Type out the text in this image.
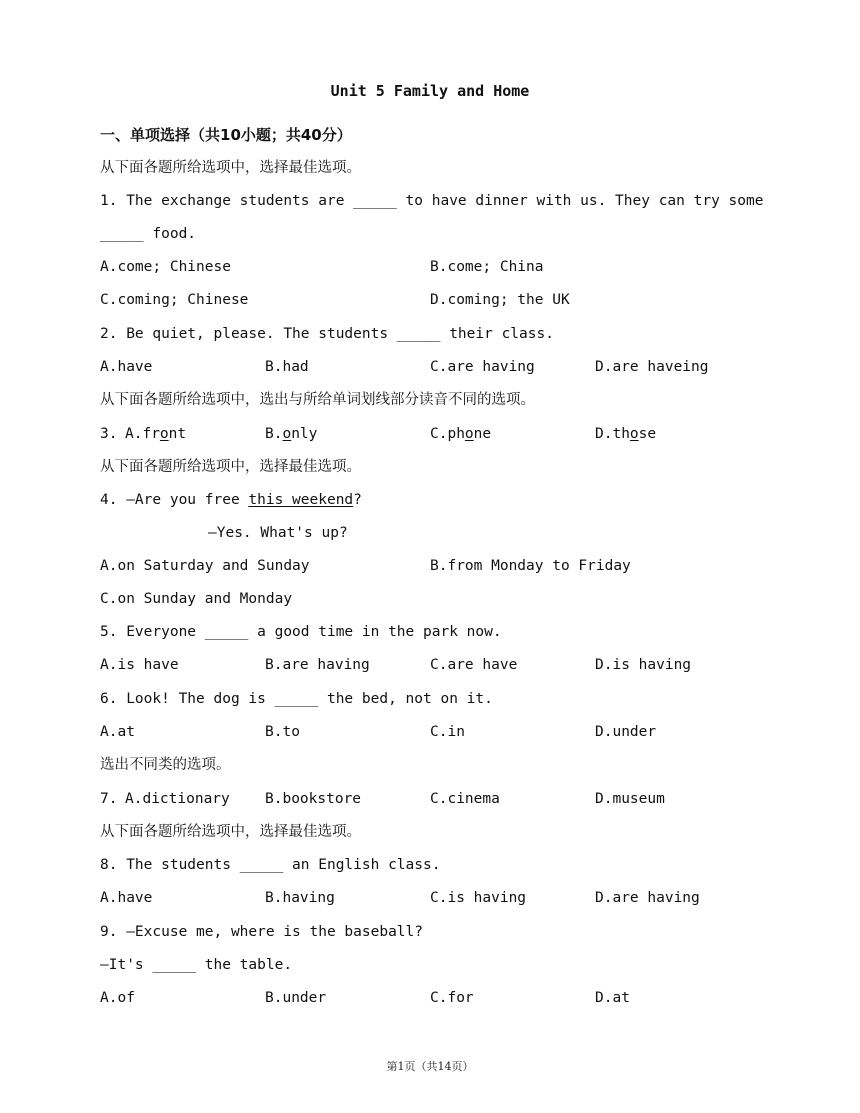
Unit 5 Family and Home
一、单项选择（共10小题；共40分）
从下面各题所给选项中，选择最佳选项。
1. The exchange students are _____ to have dinner with us. They can try some
_____ food.
A.come; Chinese	B.come; China
C.coming; Chinese	D.coming; the UK
2. Be quiet, please. The students _____ their class.
A.have	B.had	C.are having	D.are haveing
从下面各题所给选项中，选出与所给单词划线部分读音不同的选项。
3. A.front	B.only	C.phone	D.those
从下面各题所给选项中，选择最佳选项。
4. —Are you free this weekend?
—Yes. What's up?
A.on Saturday and Sunday	B.from Monday to Friday
C.on Sunday and Monday
5. Everyone _____ a good time in the park now.
A.is have	B.are having	C.are have	D.is having
6. Look! The dog is _____ the bed, not on it.
A.at	B.to	C.in	D.under
选出不同类的选项。
7. A.dictionary B.bookstore	C.cinema	D.museum
从下面各题所给选项中，选择最佳选项。
8. The students _____ an English class.
A.have	B.having	C.is having	D.are having
9. —Excuse me, where is the baseball?
—It's _____ the table.
A.of	B.under	C.for	D.at
第1页（共14页）
